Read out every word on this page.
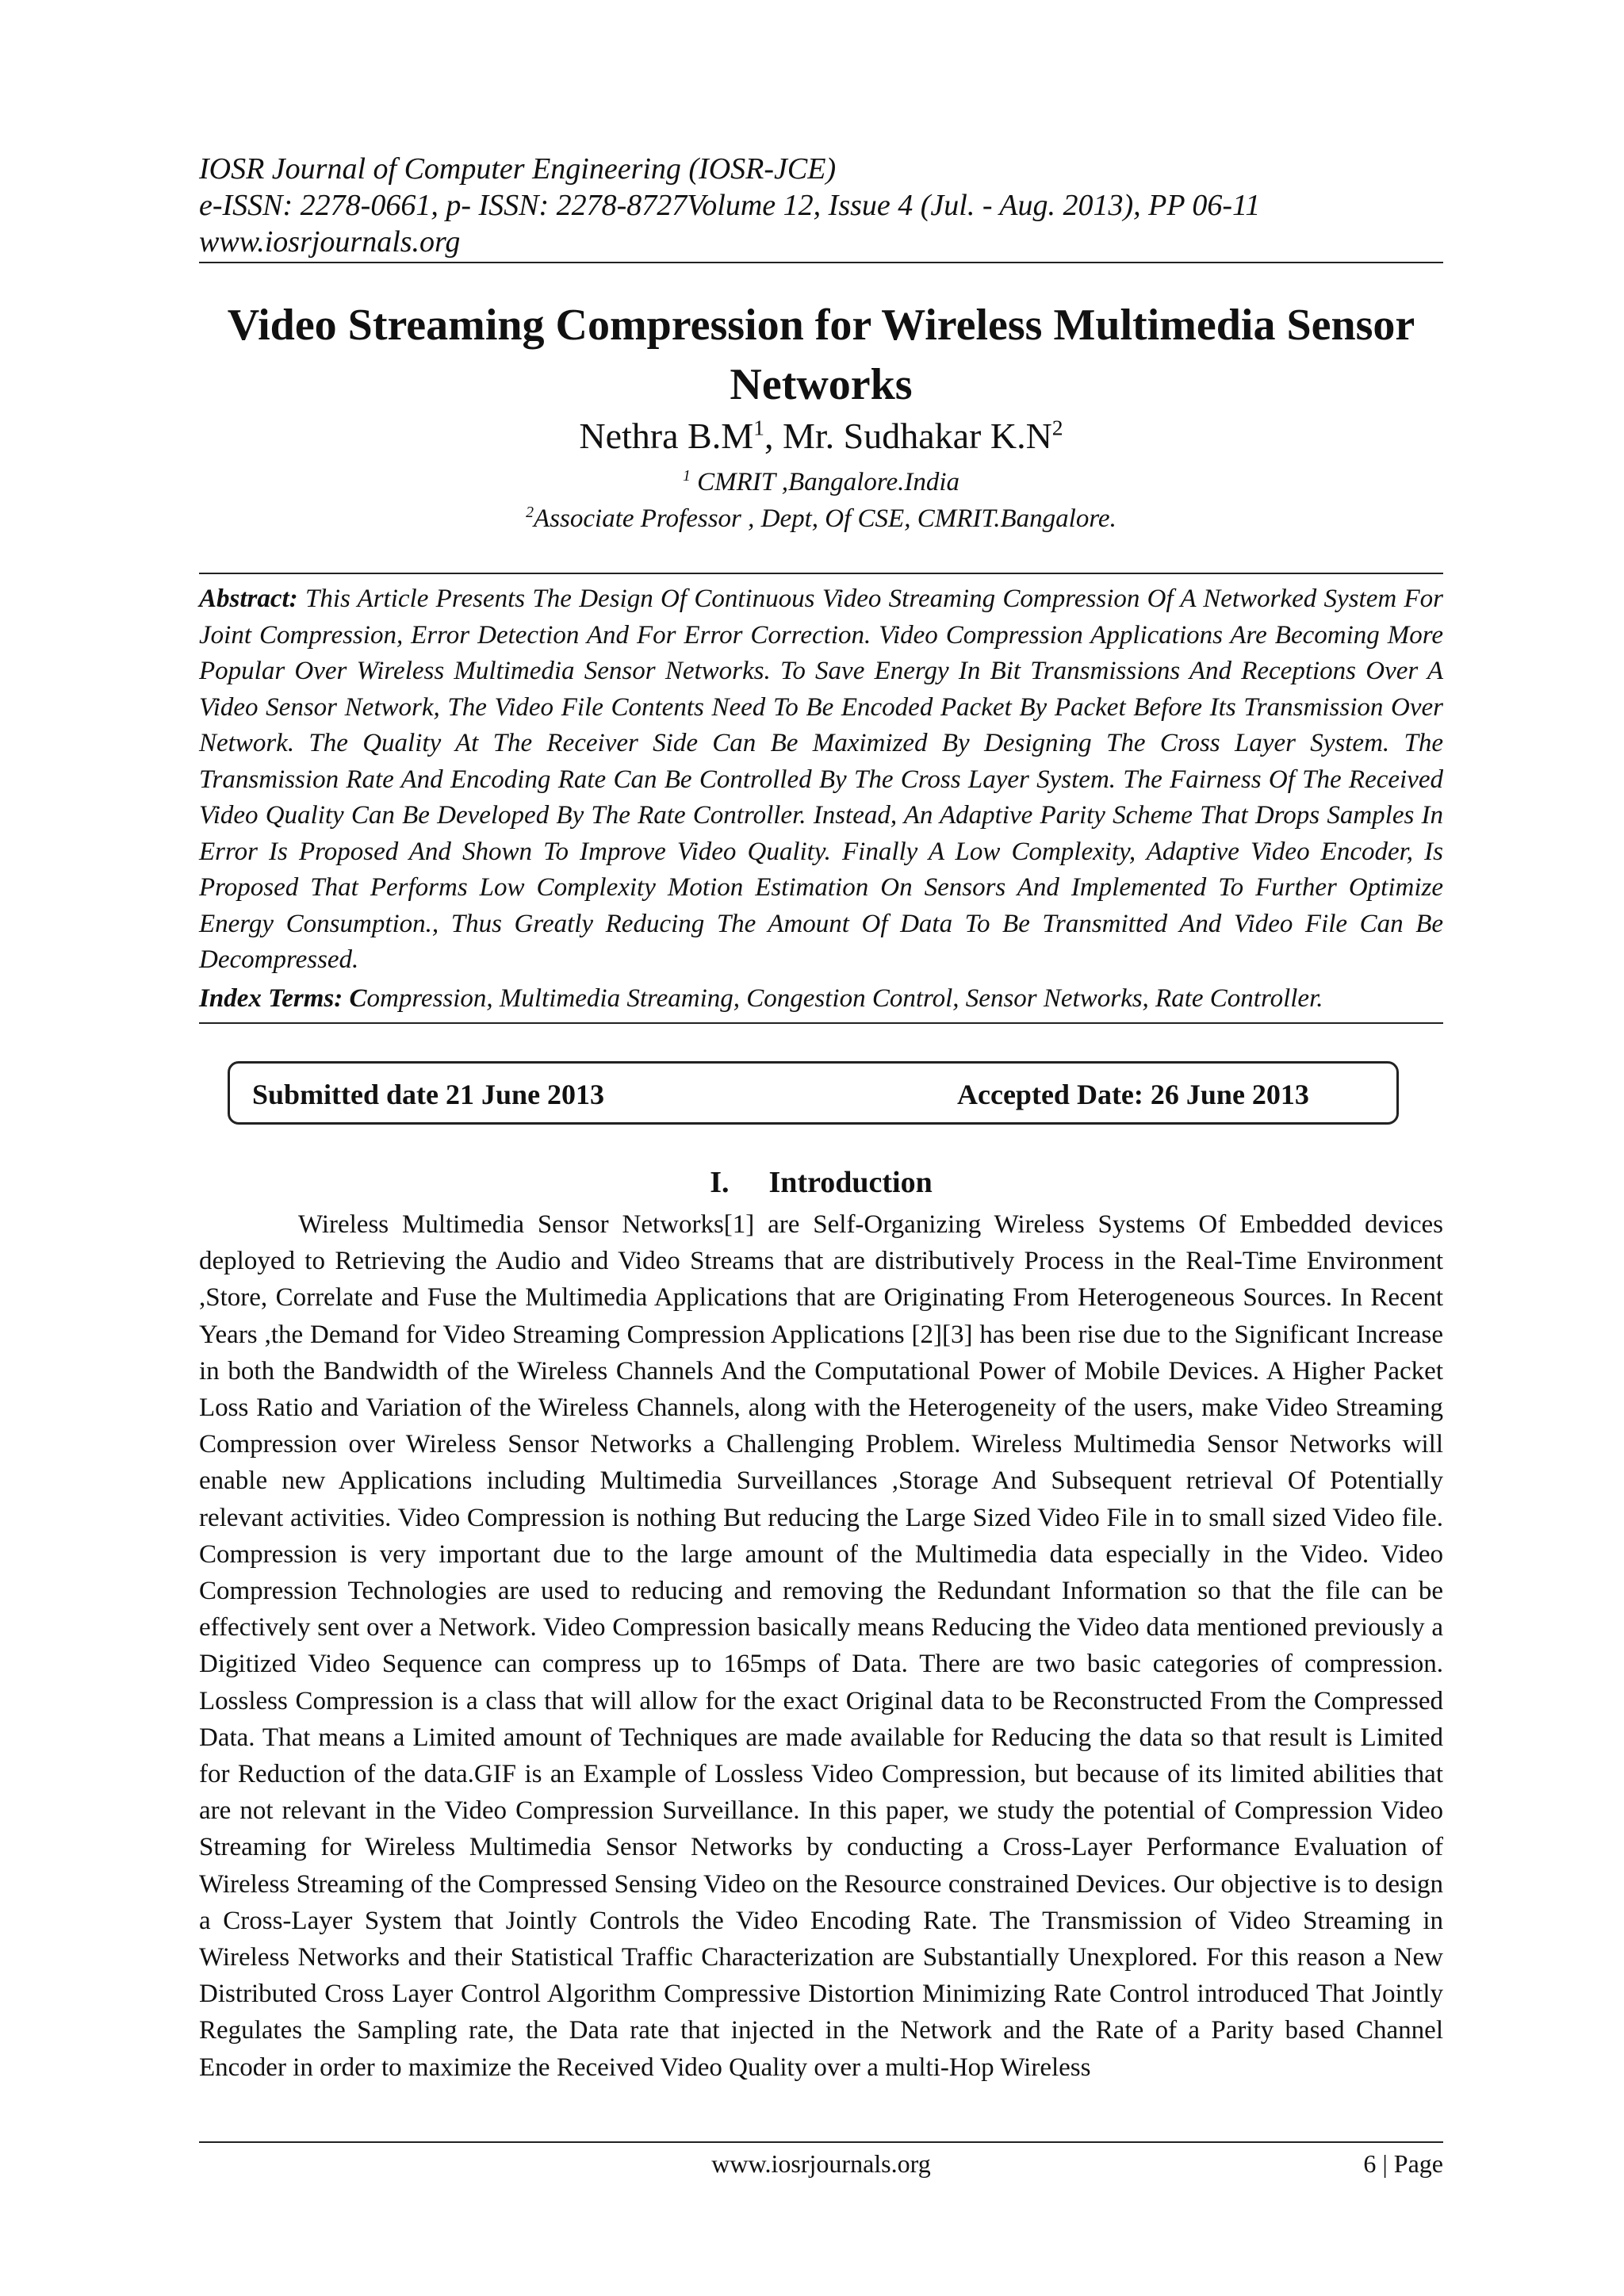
IOSR Journal of Computer Engineering (IOSR-JCE)
e-ISSN: 2278-0661, p- ISSN: 2278-8727Volume 12, Issue 4 (Jul. - Aug. 2013), PP 06-11
www.iosrjournals.org
Video Streaming Compression for Wireless Multimedia Sensor Networks
Nethra $B.M^1$, Mr. Sudhakar $K.N^2$
$^1$ CMRIT ,Bangalore.India
$^2$Associate Professor , Dept, Of CSE, CMRIT.Bangalore.
Abstract: This Article Presents The Design Of Continuous Video Streaming Compression Of A Networked System For Joint Compression, Error Detection And For Error Correction. Video Compression Applications Are Becoming More Popular Over Wireless Multimedia Sensor Networks. To Save Energy In Bit Transmissions And Receptions Over A Video Sensor Network, The Video File Contents Need To Be Encoded Packet By Packet Before Its Transmission Over Network. The Quality At The Receiver Side Can Be Maximized By Designing The Cross Layer System. The Transmission Rate And Encoding Rate Can Be Controlled By The Cross Layer System. The Fairness Of The Received Video Quality Can Be Developed By The Rate Controller. Instead, An Adaptive Parity Scheme That Drops Samples In Error Is Proposed And Shown To Improve Video Quality. Finally A Low Complexity, Adaptive Video Encoder, Is Proposed That Performs Low Complexity Motion Estimation On Sensors And Implemented To Further Optimize Energy Consumption., Thus Greatly Reducing The Amount Of Data To Be Transmitted And Video File Can Be Decompressed.
Index Terms: Compression, Multimedia Streaming, Congestion Control, Sensor Networks, Rate Controller.
Submitted date 21 June 2013	Accepted Date: 26 June 2013
I. Introduction
Wireless Multimedia Sensor Networks[1] are Self-Organizing Wireless Systems Of Embedded devices deployed to Retrieving the Audio and Video Streams that are distributively Process in the Real-Time Environment ,Store, Correlate and Fuse the Multimedia Applications that are Originating From Heterogeneous Sources. In Recent Years ,the Demand for Video Streaming Compression Applications [2][3] has been rise due to the Significant Increase in both the Bandwidth of the Wireless Channels And the Computational Power of Mobile Devices. A Higher Packet Loss Ratio and Variation of the Wireless Channels, along with the Heterogeneity of the users, make Video Streaming Compression over Wireless Sensor Networks a Challenging Problem. Wireless Multimedia Sensor Networks will enable new Applications including Multimedia Surveillances ,Storage And Subsequent retrieval Of Potentially relevant activities. Video Compression is nothing But reducing the Large Sized Video File in to small sized Video file. Compression is very important due to the large amount of the Multimedia data especially in the Video. Video Compression Technologies are used to reducing and removing the Redundant Information so that the file can be effectively sent over a Network. Video Compression basically means Reducing the Video data mentioned previously a Digitized Video Sequence can compress up to 165mps of Data. There are two basic categories of compression. Lossless Compression is a class that will allow for the exact Original data to be Reconstructed From the Compressed Data. That means a Limited amount of Techniques are made available for Reducing the data so that result is Limited for Reduction of the data.GIF is an Example of Lossless Video Compression, but because of its limited abilities that are not relevant in the Video Compression Surveillance. In this paper, we study the potential of Compression Video Streaming for Wireless Multimedia Sensor Networks by conducting a Cross-Layer Performance Evaluation of Wireless Streaming of the Compressed Sensing Video on the Resource constrained Devices. Our objective is to design a Cross-Layer System that Jointly Controls the Video Encoding Rate. The Transmission of Video Streaming in Wireless Networks and their Statistical Traffic Characterization are Substantially Unexplored. For this reason a New Distributed Cross Layer Control Algorithm Compressive Distortion Minimizing Rate Control introduced That Jointly Regulates the Sampling rate, the Data rate that injected in the Network and the Rate of a Parity based Channel Encoder in order to maximize the Received Video Quality over a multi-Hop Wireless
www.iosrjournals.org	6 | Page
